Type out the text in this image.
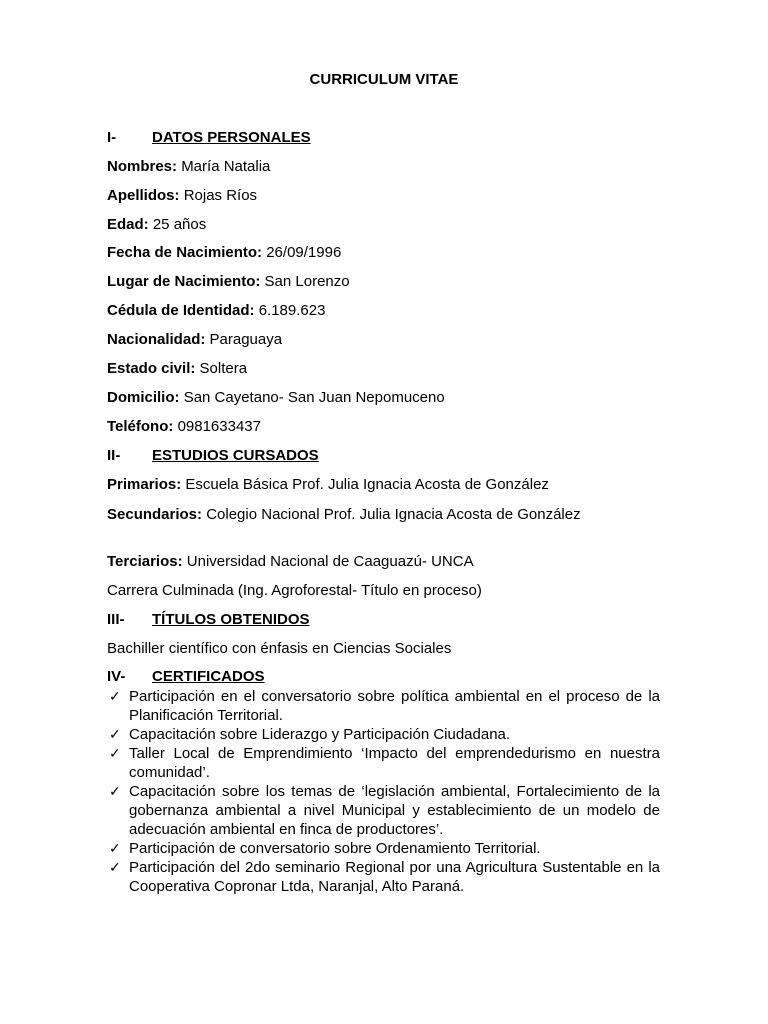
CURRICULUM VITAE
I- DATOS PERSONALES
Nombres: María Natalia
Apellidos: Rojas Ríos
Edad: 25 años
Fecha de Nacimiento: 26/09/1996
Lugar de Nacimiento: San Lorenzo
Cédula de Identidad: 6.189.623
Nacionalidad: Paraguaya
Estado civil: Soltera
Domicilio: San Cayetano- San Juan Nepomuceno
Teléfono: 0981633437
II- ESTUDIOS CURSADOS
Primarios: Escuela Básica Prof. Julia Ignacia Acosta de González
Secundarios: Colegio Nacional Prof. Julia Ignacia Acosta de González
Terciarios: Universidad Nacional de Caaguazú- UNCA
Carrera Culminada (Ing. Agroforestal- Título en proceso)
III- TÍTULOS OBTENIDOS
Bachiller científico con énfasis en Ciencias Sociales
IV- CERTIFICADOS
✓ Participación en el conversatorio sobre política ambiental en el proceso de la Planificación Territorial.
✓ Capacitación sobre Liderazgo y Participación Ciudadana.
✓ Taller Local de Emprendimiento ‘Impacto del emprendedurismo en nuestra comunidad’.
✓ Capacitación sobre los temas de ‘legislación ambiental, Fortalecimiento de la gobernanza ambiental a nivel Municipal y establecimiento de un modelo de adecuación ambiental en finca de productores’.
✓ Participación de conversatorio sobre Ordenamiento Territorial.
✓ Participación del 2do seminario Regional por una Agricultura Sustentable en la Cooperativa Copronar Ltda, Naranjal, Alto Paraná.
